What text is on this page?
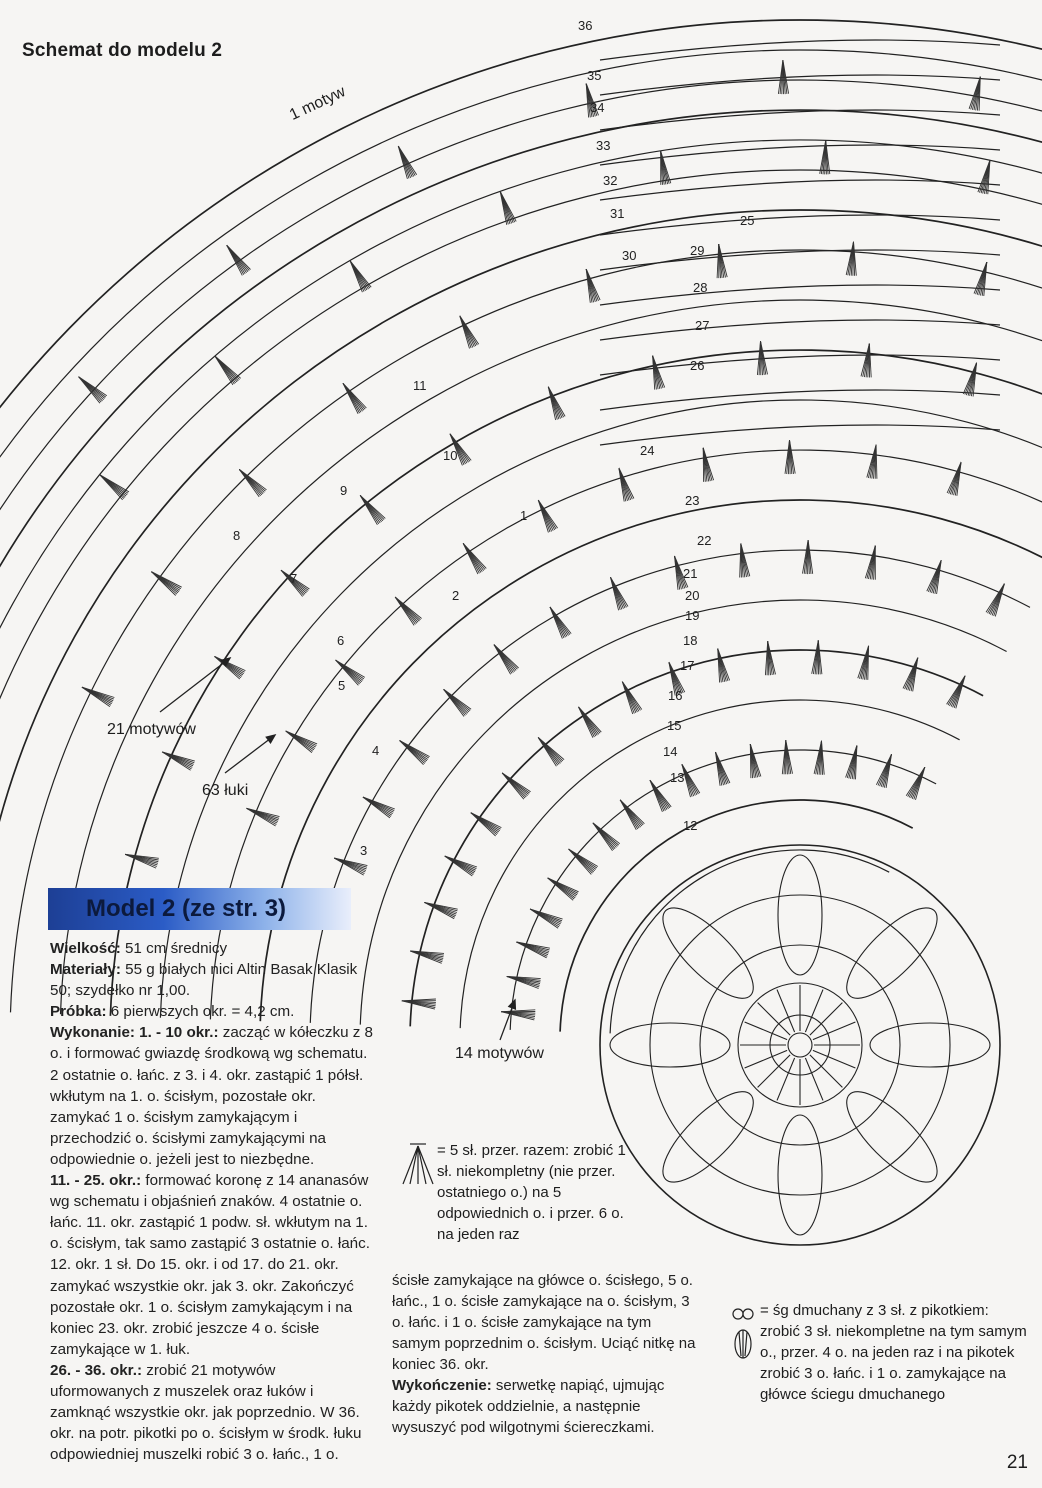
Schemat do modelu 2
36
35
34
33
32
31
30	29
28
27
26
25
24
23
22
21
20
19
18
17
16
15
14
13
12
11
10
9
8
7
6
5
4
3
2
1
1 motyw
21 motywów
63 łuki
14 motywów
Model 2 (ze str. 3)

Wielkość: 51 cm średnicy

Materiały: 55 g białych nici Altin Basak Klasik 50; szydełko nr 1,00.

Próbka: 6 pierwszych okr. = 4,2 cm.

Wykonanie: 1. - 10 okr.: zacząć w kółeczku z 8 o. i formować gwiazdę środkową wg schematu. 2 ostatnie o. łańc. z 3. i 4. okr. zastąpić 1 półsł. wkłutym na 1. o. ścisłym, pozostałe okr. zamykać 1 o. ścisłym zamykającym i przechodzić o. ścisłymi zamykającymi na odpowiednie o. jeżeli jest to niezbędne.

11. - 25. okr.: formować koronę z 14 ananasów wg schematu i objaśnień znaków. 4 ostatnie o. łańc. 11. okr. zastąpić 1 podw. sł. wkłutym na 1. o. ścisłym, tak samo zastąpić 3 ostatnie o. łańc. 12. okr. 1 sł. Do 15. okr. i od 17. do 21. okr. zamykać wszystkie okr. jak 3. okr. Zakończyć pozostałe okr. 1 o. ścisłym zamykającym i na koniec 23. okr. zrobić jeszcze 4 o. ścisłe zamykające w 1. łuk.

26. - 36. okr.: zrobić 21 motywów uformowanych z muszelek oraz łuków i zamknąć wszystkie okr. jak poprzednio. W 36. okr. na potr. pikotki po o. ścisłym w środk. łuku odpowiedniej muszelki robić 3 o. łańc., 1 o.

= 5 sł. przer. razem: zrobić 1 sł. niekompletny (nie przer. ostatniego o.) na 5 odpowiednich o. i przer. 6 o. na jeden raz

ścisłe zamykające na główce o. ścisłego, 5 o. łańc., 1 o. ścisłe zamykające na o. ścisłym, 3 o. łańc. i 1 o. ścisłe zamykające na tym samym poprzednim o. ścisłym. Uciąć nitkę na koniec 36. okr.

Wykończenie: serwetkę napiąć, ujmując każdy pikotek oddzielnie, a następnie wysuszyć pod wilgotnymi ściereczkami.

= ś​g dmuchany z 3 sł. z pikotkiem: zrobić 3 sł. niekompletne na tym samym o., przer. 4 o. na jeden raz i na pikotek zrobić 3 o. łańc. i 1 o. zamykające na główce ściegu dmuchanego
21
